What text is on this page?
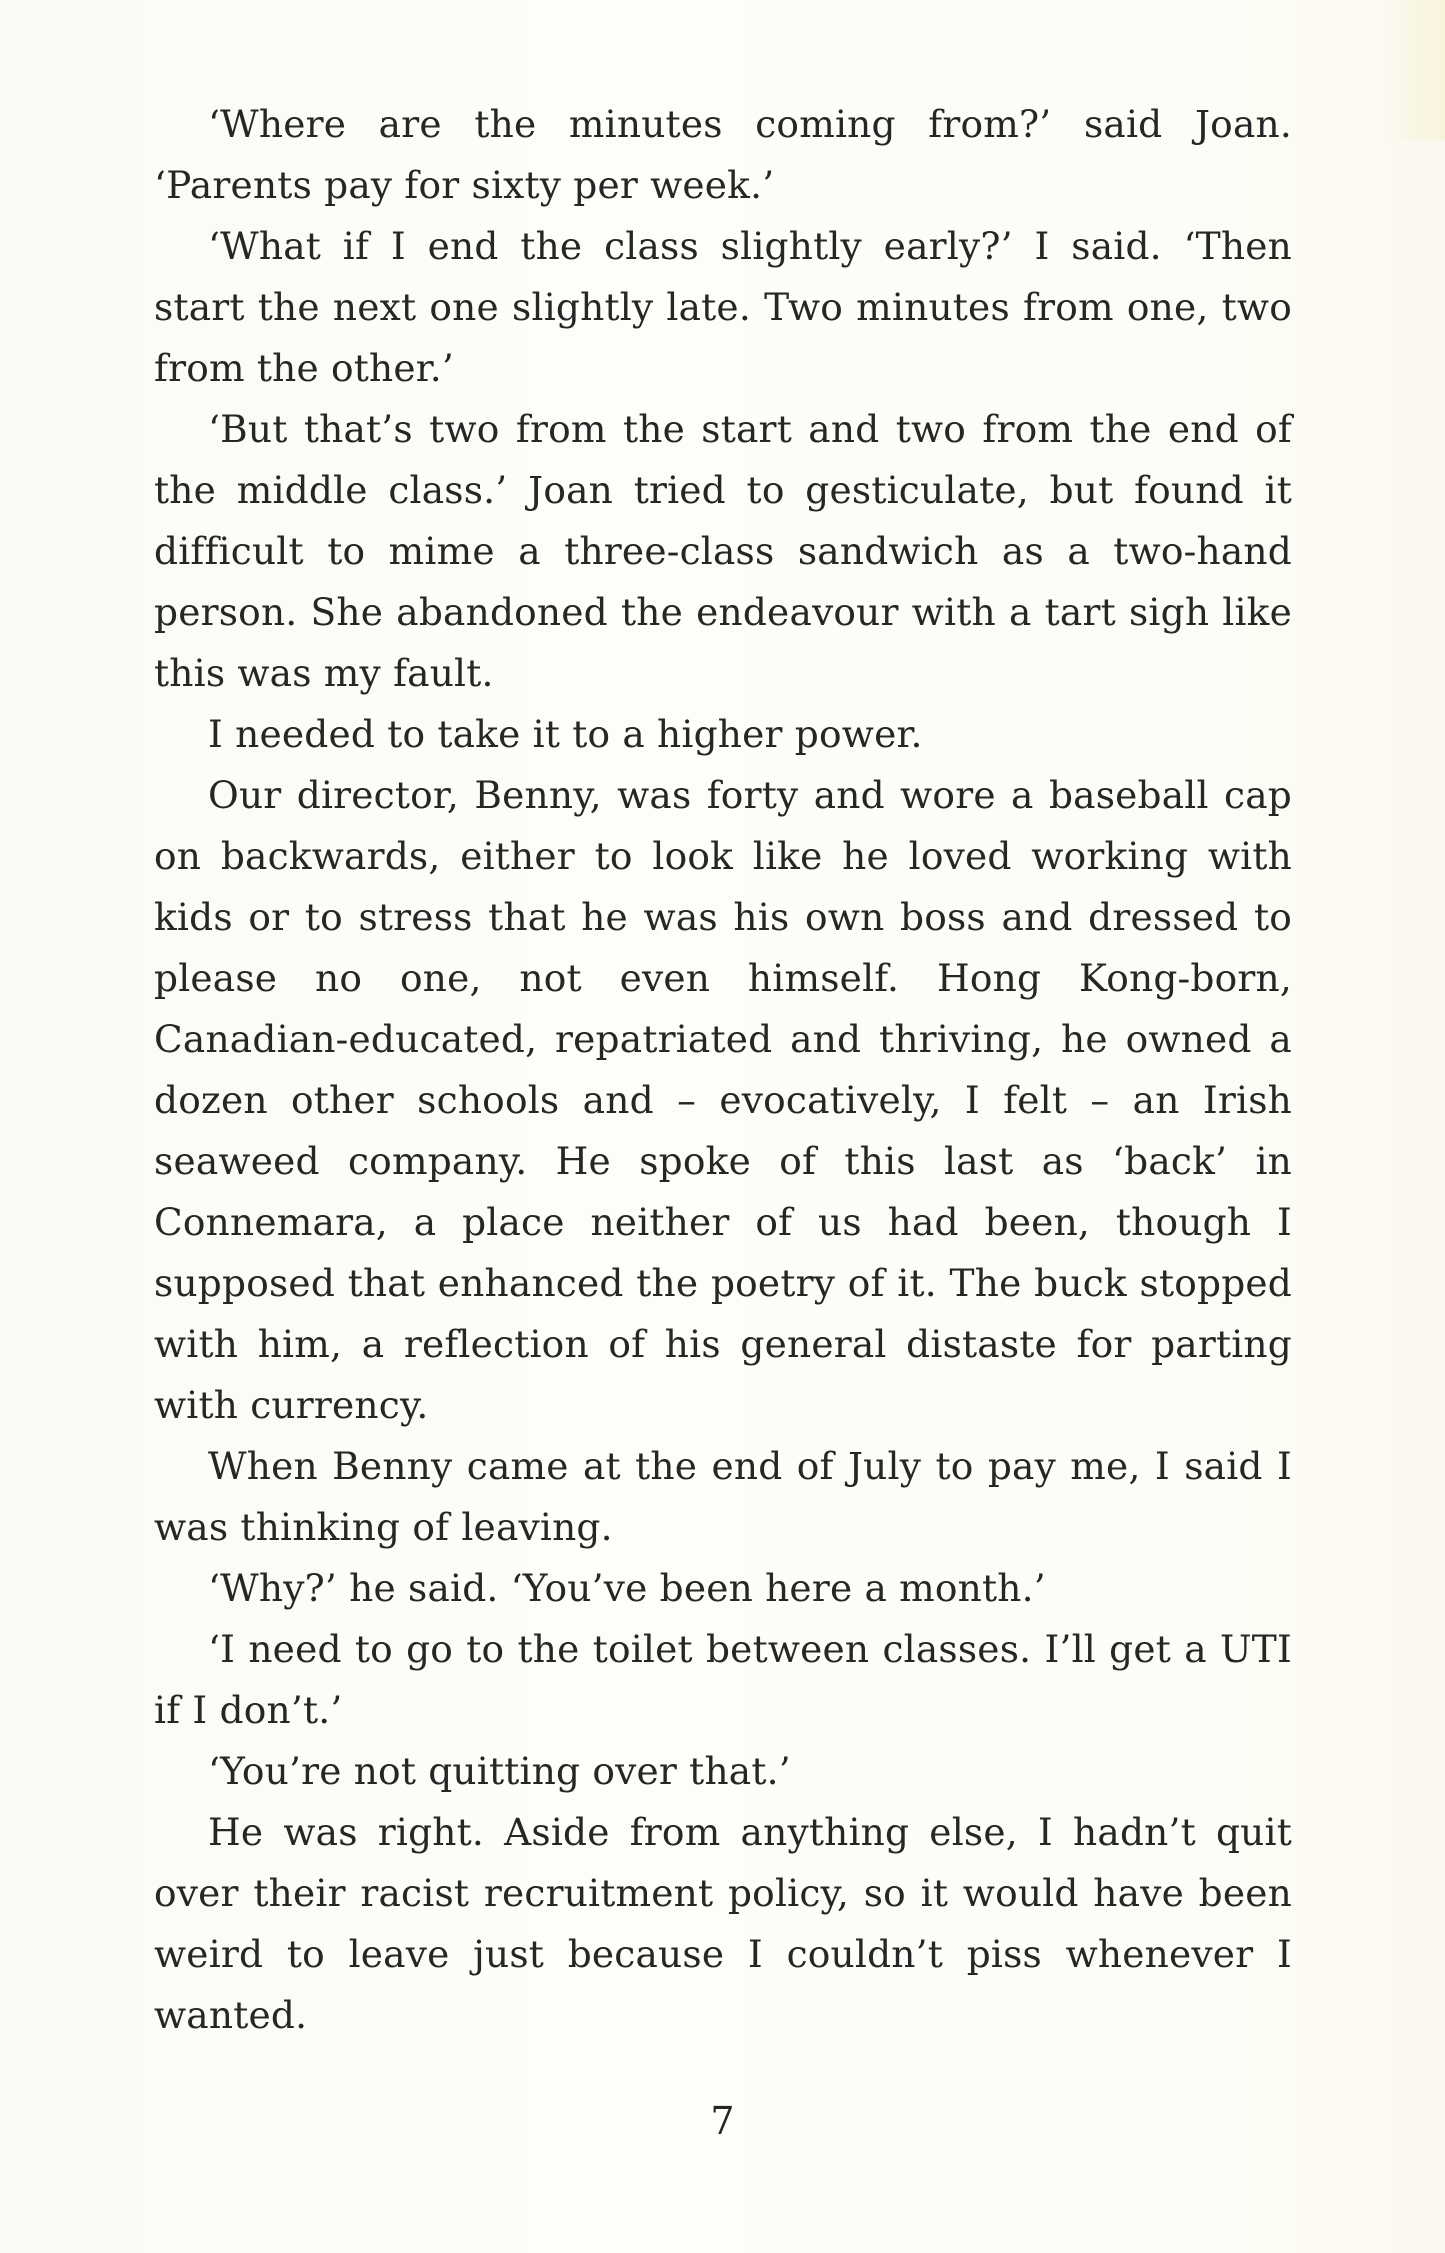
‘Where are the minutes coming from?’ said Joan. ‘Parents pay for sixty per week.’

‘What if I end the class slightly early?’ I said. ‘Then start the next one slightly late. Two minutes from one, two from the other.’

‘But that’s two from the start and two from the end of the middle class.’ Joan tried to gesticulate, but found it difficult to mime a three-class sandwich as a two-hand person. She abandoned the endeavour with a tart sigh like this was my fault.

I needed to take it to a higher power.

Our director, Benny, was forty and wore a baseball cap on backwards, either to look like he loved working with kids or to stress that he was his own boss and dressed to please no one, not even himself. Hong Kong-born, Canadian-educated, repatriated and thriving, he owned a dozen other schools and – evocatively, I felt – an Irish seaweed company. He spoke of this last as ‘back’ in Connemara, a place neither of us had been, though I supposed that enhanced the poetry of it. The buck stopped with him, a reflection of his general distaste for parting with currency.

When Benny came at the end of July to pay me, I said I was thinking of leaving.

‘Why?’ he said. ‘You’ve been here a month.’

‘I need to go to the toilet between classes. I’ll get a UTI if I don’t.’

‘You’re not quitting over that.’

He was right. Aside from anything else, I hadn’t quit over their racist recruitment policy, so it would have been weird to leave just because I couldn’t piss whenever I wanted.

7
